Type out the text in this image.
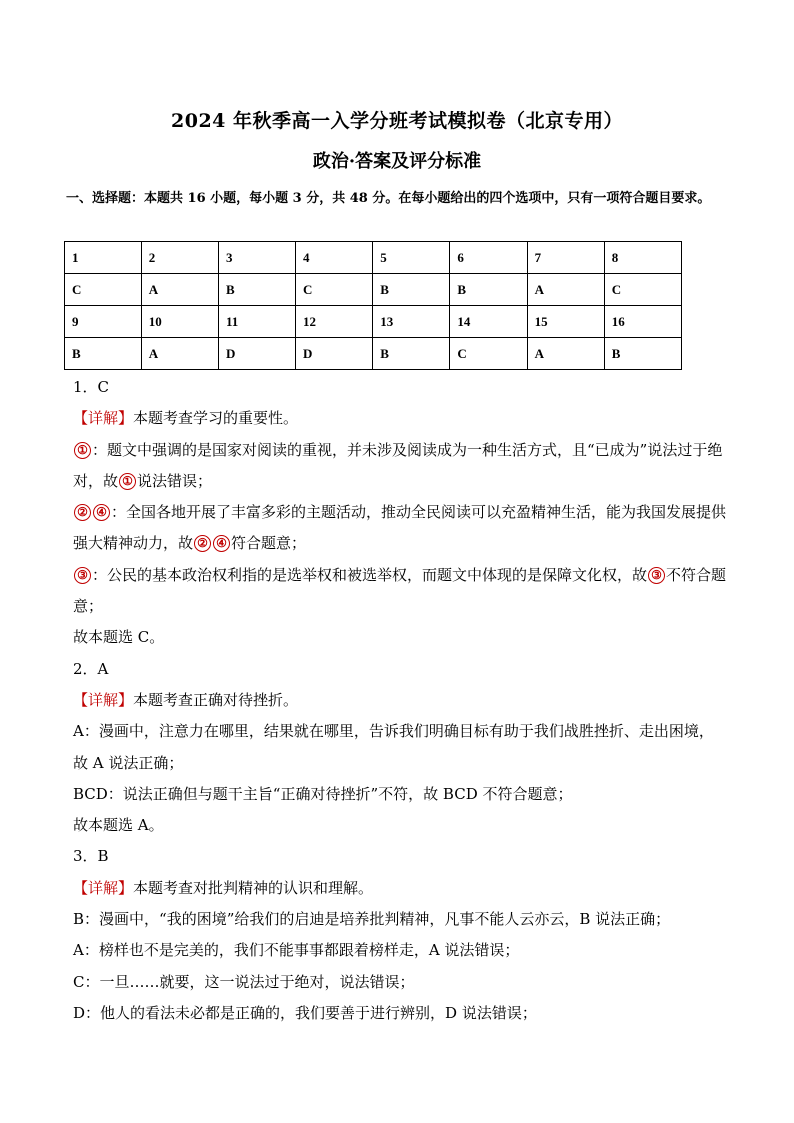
2024 年秋季高一入学分班考试模拟卷（北京专用）
政治·答案及评分标准
一、选择题：本题共 16 小题，每小题 3 分，共 48 分。在每小题给出的四个选项中，只有一项符合题目要求。
1	2	3	4	5	6	7	8
C	A	B	C	B	B	A	C
9	10	11	12	13	14	15	16
B	A	D	D	B	C	A	B
1．C
【详解】本题考查学习的重要性。
① ：题文中强调的是国家对阅读的重视，并未涉及阅读成为一种生活方式，且“已成为”说法过于绝对，故 ① 说法错误；
② ④ ：全国各地开展了丰富多彩的主题活动，推动全民阅读可以充盈精神生活，能为我国发展提供强大精神动力，故 ② ④ 符合题意；
③ ：公民的基本政治权利指的是选举权和被选举权，而题文中体现的是保障文化权，故 ③ 不符合题意；
故本题选 C。
2．A
【详解】本题考查正确对待挫折。
A：漫画中，注意力在哪里，结果就在哪里，告诉我们明确目标有助于我们战胜挫折、走出困境，故 A 说法正确；
BCD：说法正确但与题干主旨“正确对待挫折”不符，故 BCD 不符合题意；
故本题选 A。
3．B
【详解】本题考查对批判精神的认识和理解。
B：漫画中，“我的困境”给我们的启迪是培养批判精神，凡事不能人云亦云，B 说法正确；
A：榜样也不是完美的，我们不能事事都跟着榜样走，A 说法错误；
C：一旦……就要，这一说法过于绝对，说法错误；
D：他人的看法未必都是正确的，我们要善于进行辨别，D 说法错误；
